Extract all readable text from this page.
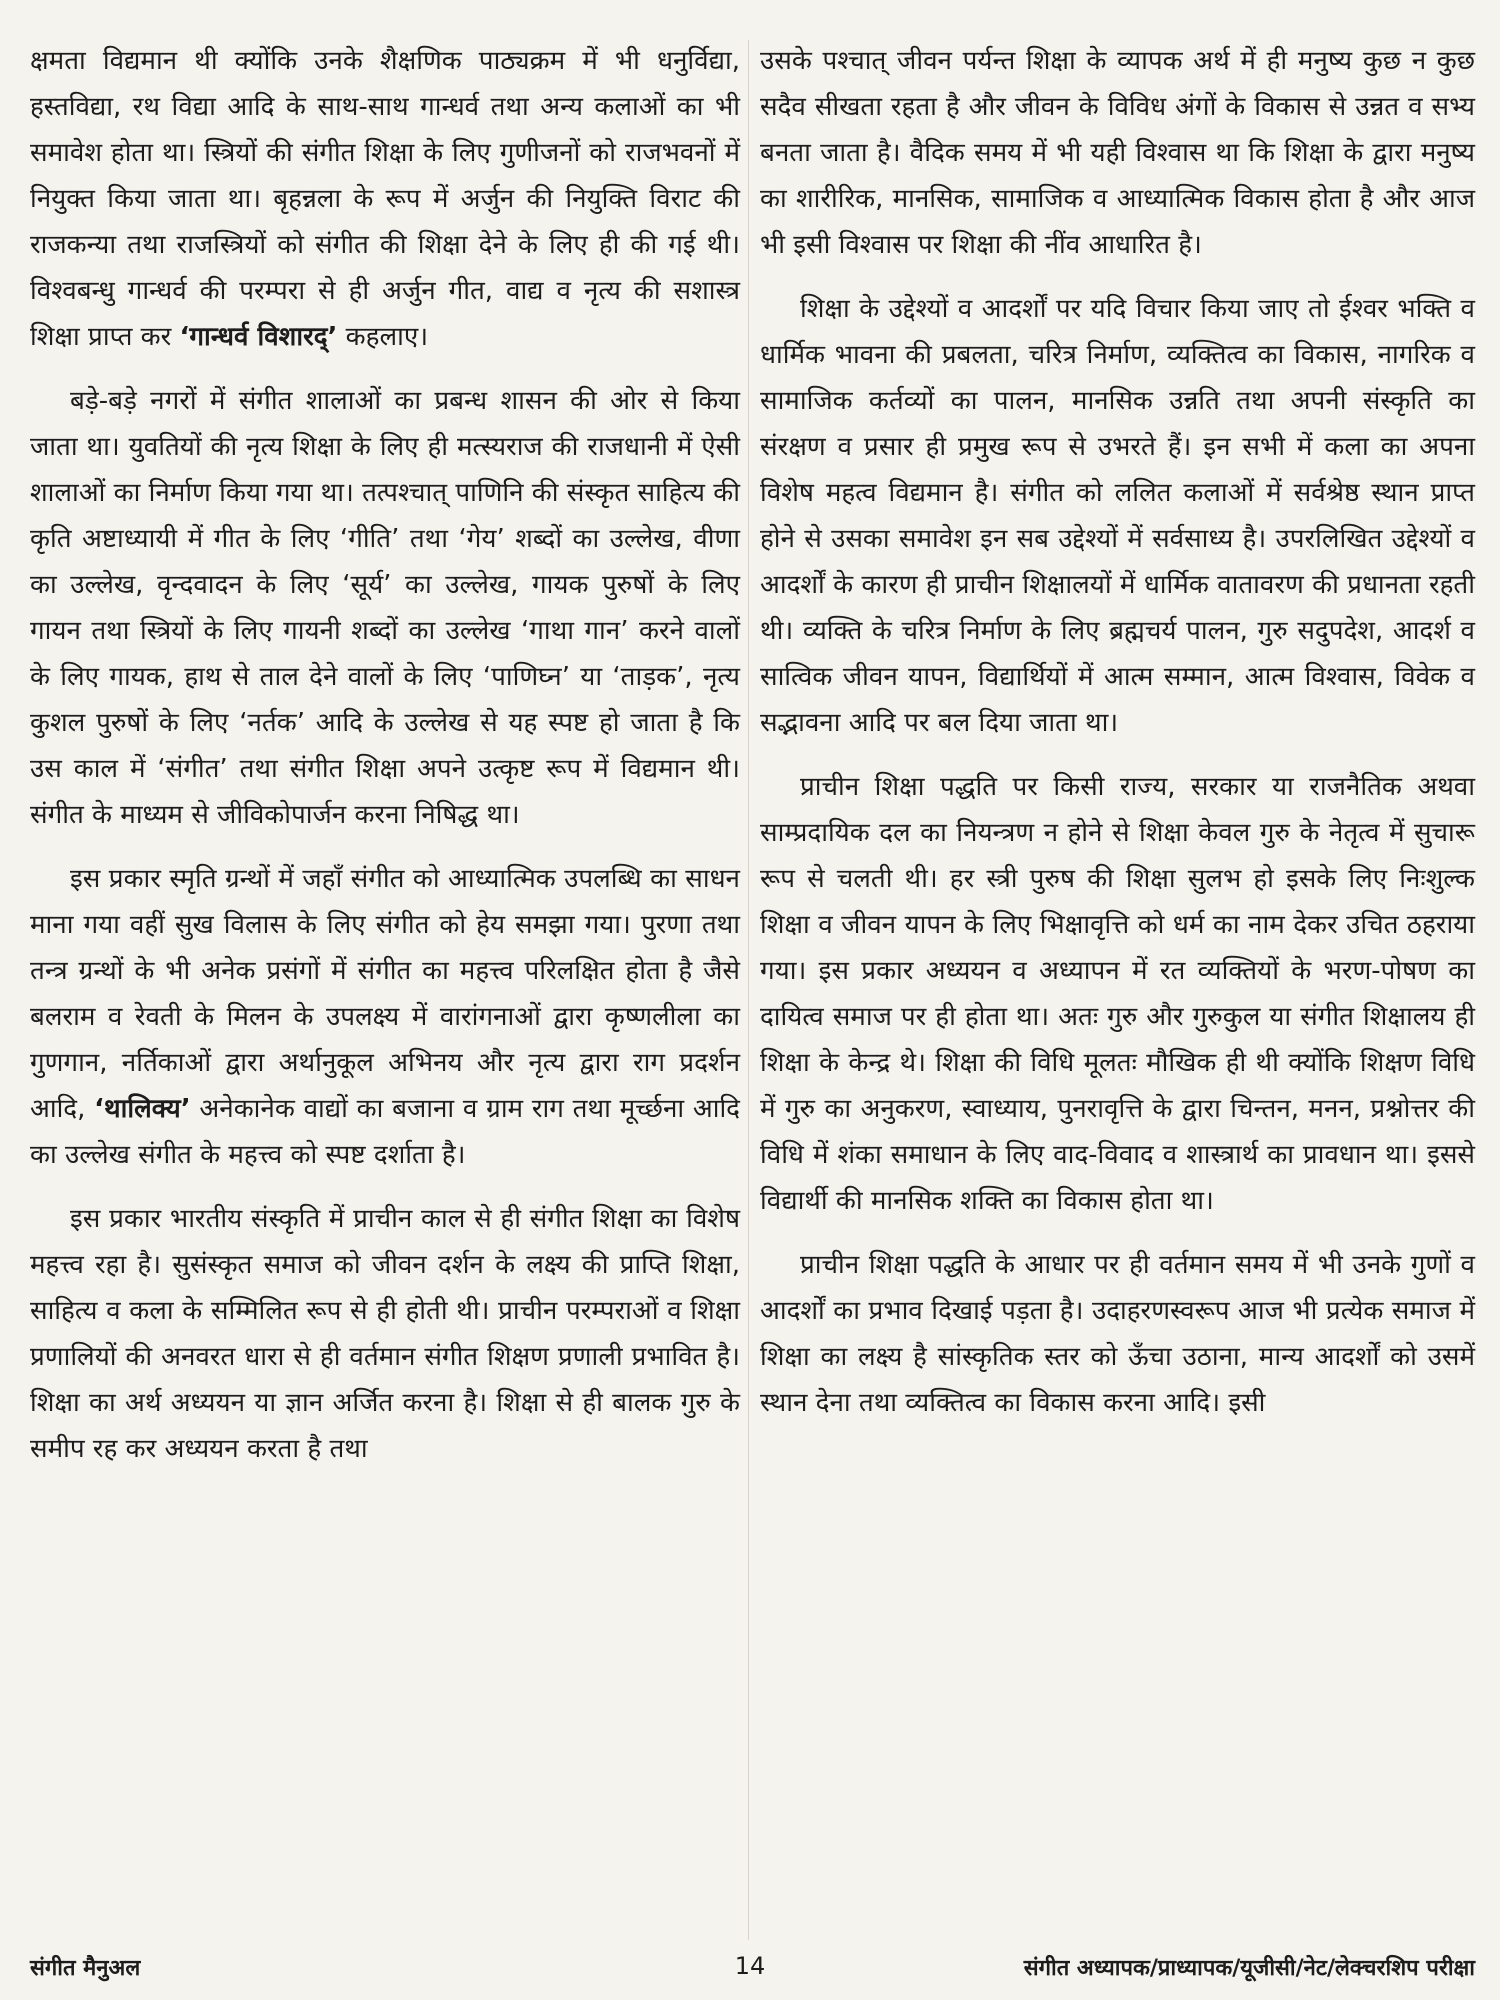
क्षमता विद्यमान थी क्योंकि उनके शैक्षणिक पाठ्यक्रम में भी धनुर्विद्या, हस्तविद्या, रथ विद्या आदि के साथ-साथ गान्धर्व तथा अन्य कलाओं का भी समावेश होता था। स्त्रियों की संगीत शिक्षा के लिए गुणीजनों को राजभवनों में नियुक्त किया जाता था। बृहन्नला के रूप में अर्जुन की नियुक्ति विराट की राजकन्या तथा राजस्त्रियों को संगीत की शिक्षा देने के लिए ही की गई थी। विश्वबन्धु गान्धर्व की परम्परा से ही अर्जुन गीत, वाद्य व नृत्य की सशास्त्र शिक्षा प्राप्त कर ‘गान्धर्व विशारद्’ कहलाए।

बड़े-बड़े नगरों में संगीत शालाओं का प्रबन्ध शासन की ओर से किया जाता था। युवतियों की नृत्य शिक्षा के लिए ही मत्स्यराज की राजधानी में ऐसी शालाओं का निर्माण किया गया था। तत्पश्चात् पाणिनि की संस्कृत साहित्य की कृति अष्टाध्यायी में गीत के लिए ‘गीति’ तथा ‘गेय’ शब्दों का उल्लेख, वीणा का उल्लेख, वृन्दवादन के लिए ‘सूर्य’ का उल्लेख, गायक पुरुषों के लिए गायन तथा स्त्रियों के लिए गायनी शब्दों का उल्लेख ‘गाथा गान’ करने वालों के लिए गायक, हाथ से ताल देने वालों के लिए ‘पाणिघ्न’ या ‘ताड़क’, नृत्य कुशल पुरुषों के लिए ‘नर्तक’ आदि के उल्लेख से यह स्पष्ट हो जाता है कि उस काल में ‘संगीत’ तथा संगीत शिक्षा अपने उत्कृष्ट रूप में विद्यमान थी। संगीत के माध्यम से जीविकोपार्जन करना निषिद्ध था।

इस प्रकार स्मृति ग्रन्थों में जहाँ संगीत को आध्यात्मिक उपलब्धि का साधन माना गया वहीं सुख विलास के लिए संगीत को हेय समझा गया। पुरणा तथा तन्त्र ग्रन्थों के भी अनेक प्रसंगों में संगीत का महत्त्व परिलक्षित होता है जैसे बलराम व रेवती के मिलन के उपलक्ष्य में वारांगनाओं द्वारा कृष्णलीला का गुणगान, नर्तिकाओं द्वारा अर्थानुकूल अभिनय और नृत्य द्वारा राग प्रदर्शन आदि, ‘थालिक्य’ अनेकानेक वाद्यों का बजाना व ग्राम राग तथा मूर्च्छना आदि का उल्लेख संगीत के महत्त्व को स्पष्ट दर्शाता है।

इस प्रकार भारतीय संस्कृति में प्राचीन काल से ही संगीत शिक्षा का विशेष महत्त्व रहा है। सुसंस्कृत समाज को जीवन दर्शन के लक्ष्य की प्राप्ति शिक्षा, साहित्य व कला के सम्मिलित रूप से ही होती थी। प्राचीन परम्पराओं व शिक्षा प्रणालियों की अनवरत धारा से ही वर्तमान संगीत शिक्षण प्रणाली प्रभावित है। शिक्षा का अर्थ अध्ययन या ज्ञान अर्जित करना है। शिक्षा से ही बालक गुरु के समीप रह कर अध्ययन करता है तथा

उसके पश्चात् जीवन पर्यन्त शिक्षा के व्यापक अर्थ में ही मनुष्य कुछ न कुछ सदैव सीखता रहता है और जीवन के विविध अंगों के विकास से उन्नत व सभ्य बनता जाता है। वैदिक समय में भी यही विश्वास था कि शिक्षा के द्वारा मनुष्य का शारीरिक, मानसिक, सामाजिक व आध्यात्मिक विकास होता है और आज भी इसी विश्वास पर शिक्षा की नींव आधारित है।

शिक्षा के उद्देश्यों व आदर्शों पर यदि विचार किया जाए तो ईश्वर भक्ति व धार्मिक भावना की प्रबलता, चरित्र निर्माण, व्यक्तित्व का विकास, नागरिक व सामाजिक कर्तव्यों का पालन, मानसिक उन्नति तथा अपनी संस्कृति का संरक्षण व प्रसार ही प्रमुख रूप से उभरते हैं। इन सभी में कला का अपना विशेष महत्व विद्यमान है। संगीत को ललित कलाओं में सर्वश्रेष्ठ स्थान प्राप्त होने से उसका समावेश इन सब उद्देश्यों में सर्वसाध्य है। उपरलिखित उद्देश्यों व आदर्शों के कारण ही प्राचीन शिक्षालयों में धार्मिक वातावरण की प्रधानता रहती थी। व्यक्ति के चरित्र निर्माण के लिए ब्रह्मचर्य पालन, गुरु सदुपदेश, आदर्श व सात्विक जीवन यापन, विद्यार्थियों में आत्म सम्मान, आत्म विश्वास, विवेक व सद्भावना आदि पर बल दिया जाता था।

प्राचीन शिक्षा पद्धति पर किसी राज्य, सरकार या राजनैतिक अथवा साम्प्रदायिक दल का नियन्त्रण न होने से शिक्षा केवल गुरु के नेतृत्व में सुचारू रूप से चलती थी। हर स्त्री पुरुष की शिक्षा सुलभ हो इसके लिए निःशुल्क शिक्षा व जीवन यापन के लिए भिक्षावृत्ति को धर्म का नाम देकर उचित ठहराया गया। इस प्रकार अध्ययन व अध्यापन में रत व्यक्तियों के भरण-पोषण का दायित्व समाज पर ही होता था। अतः गुरु और गुरुकुल या संगीत शिक्षालय ही शिक्षा के केन्द्र थे। शिक्षा की विधि मूलतः मौखिक ही थी क्योंकि शिक्षण विधि में गुरु का अनुकरण, स्वाध्याय, पुनरावृत्ति के द्वारा चिन्तन, मनन, प्रश्नोत्तर की विधि में शंका समाधान के लिए वाद-विवाद व शास्त्रार्थ का प्रावधान था। इससे विद्यार्थी की मानसिक शक्ति का विकास होता था।

प्राचीन शिक्षा पद्धति के आधार पर ही वर्तमान समय में भी उनके गुणों व आदर्शों का प्रभाव दिखाई पड़ता है। उदाहरणस्वरूप आज भी प्रत्येक समाज में शिक्षा का लक्ष्य है सांस्कृतिक स्तर को ऊँचा उठाना, मान्य आदर्शों को उसमें स्थान देना तथा व्यक्तित्व का विकास करना आदि। इसी

संगीत मैनुअल	14	संगीत अध्यापक/प्राध्यापक/यूजीसी/नेट/लेक्चरशिप परीक्षा
